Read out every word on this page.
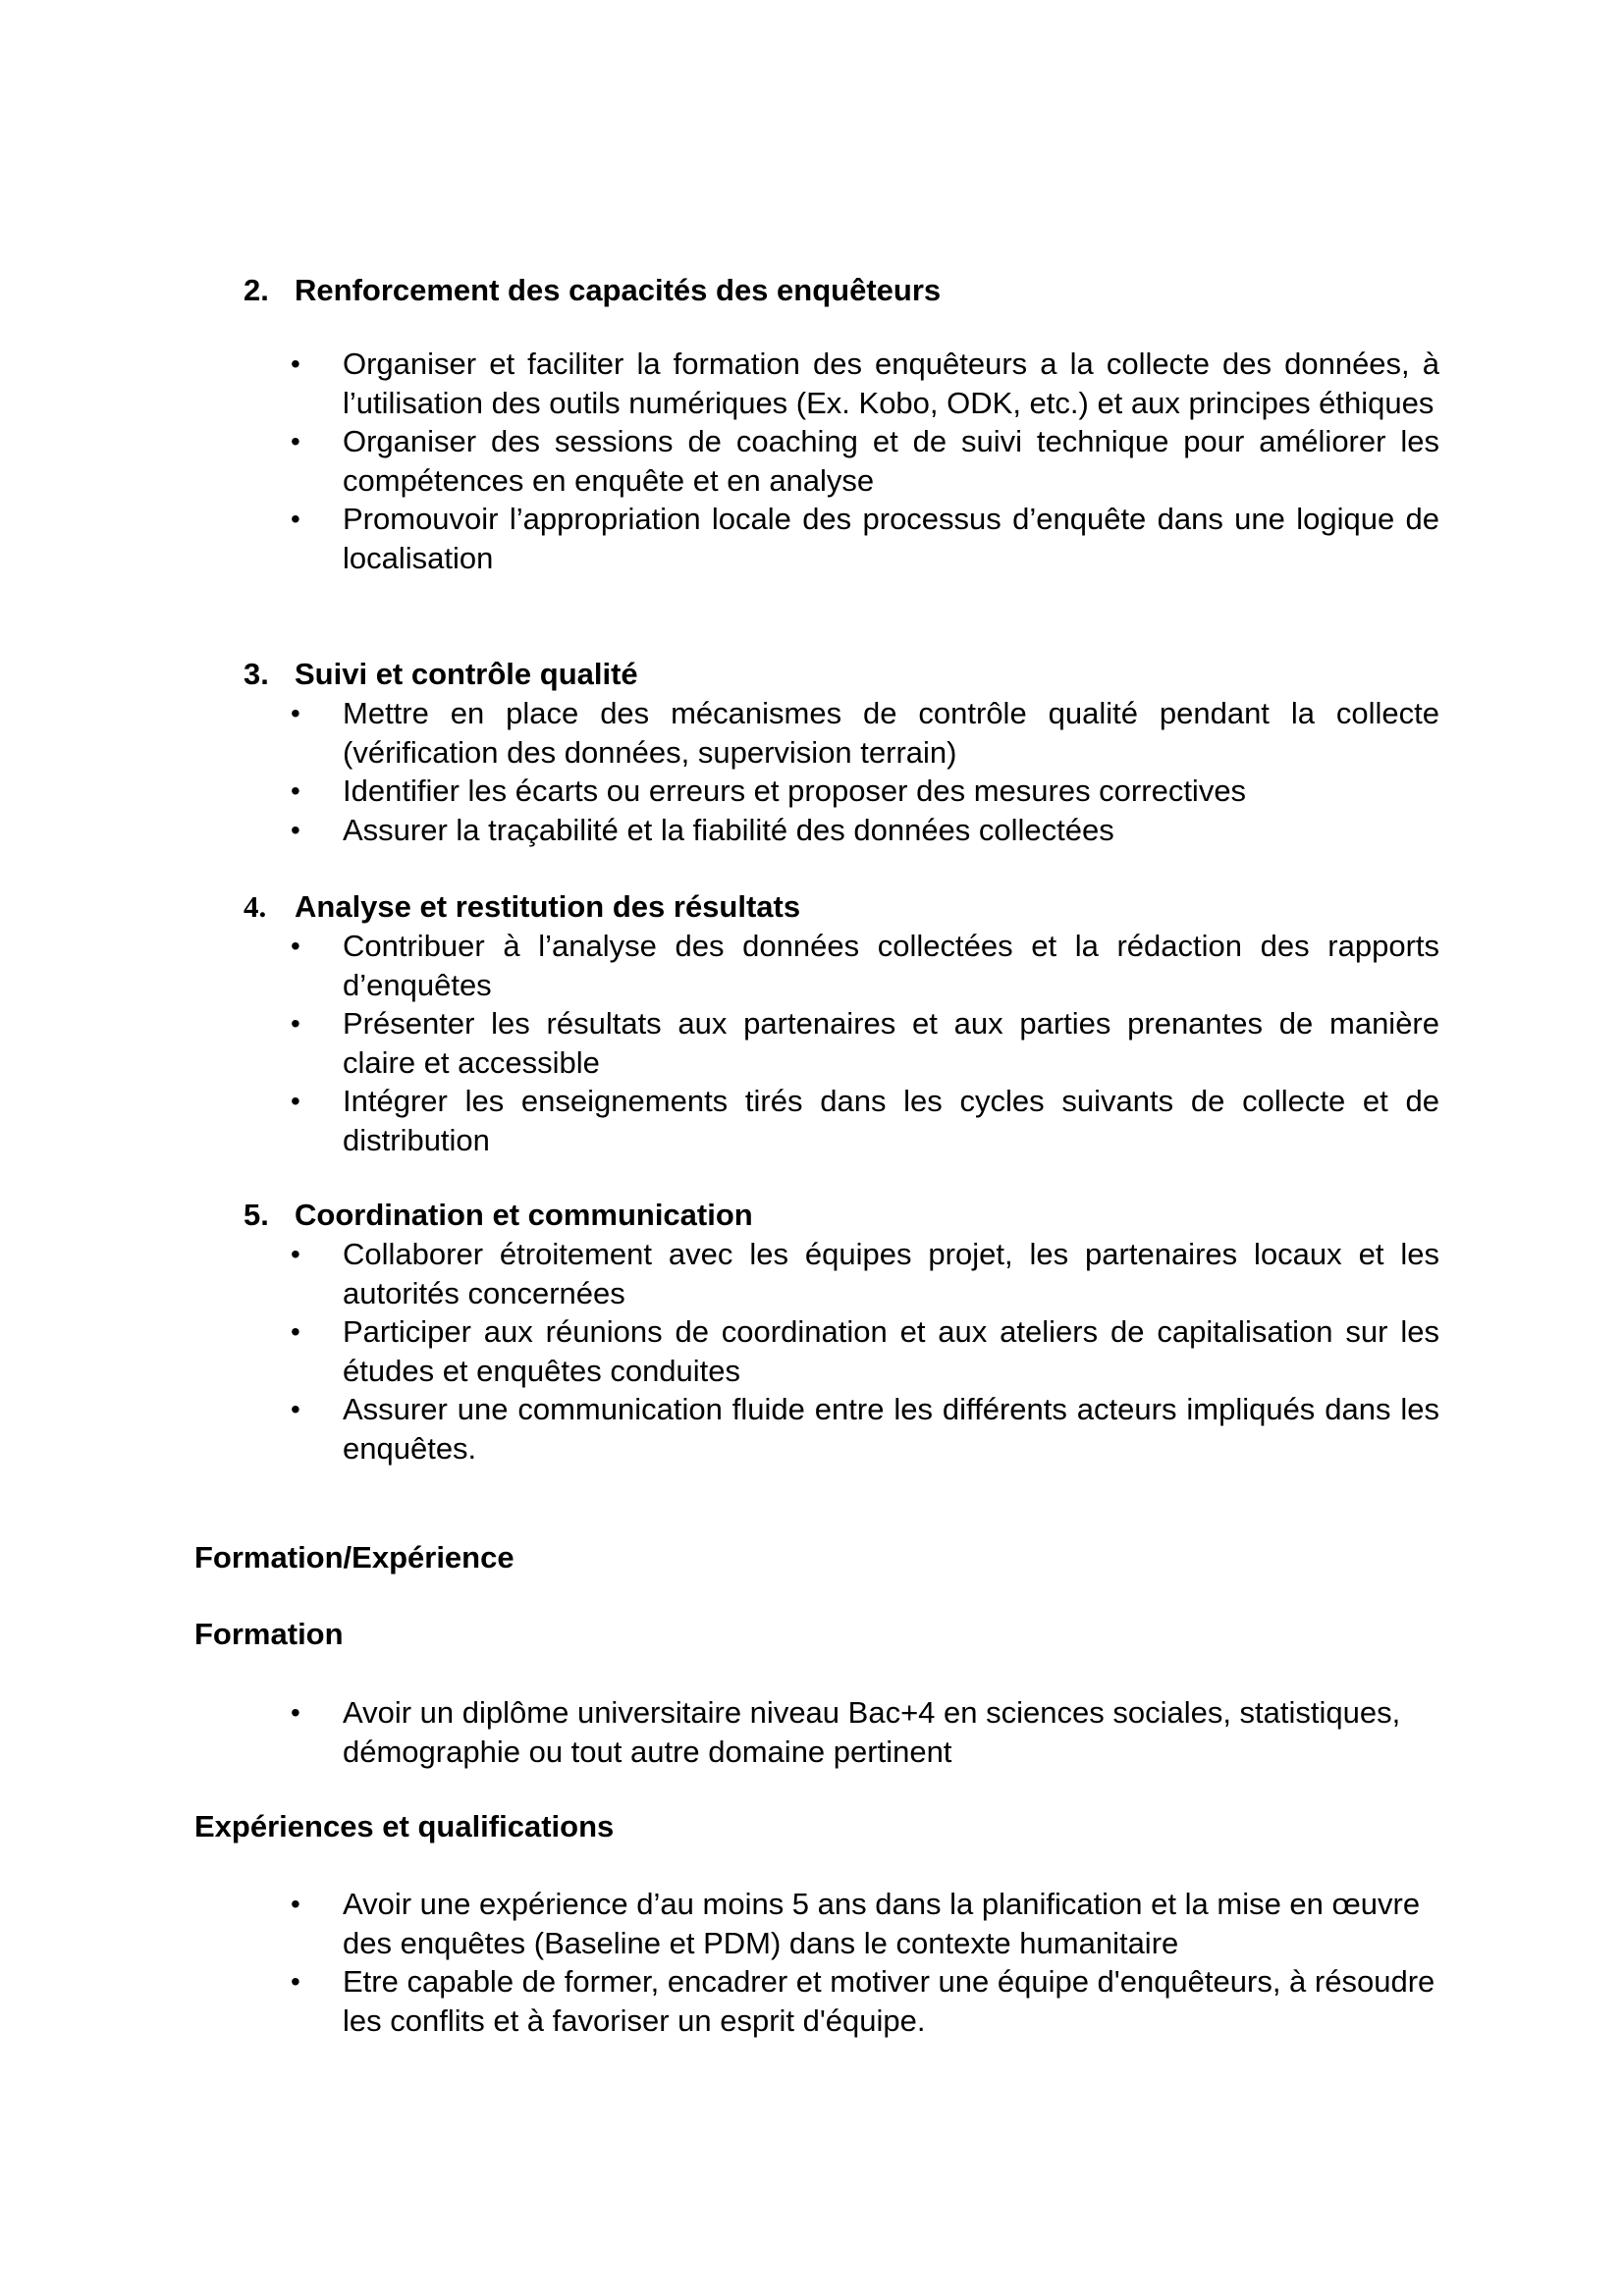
2. Renforcement des capacités des enquêteurs
• Organiser et faciliter la formation des enquêteurs a la collecte des données, à l’utilisation des outils numériques (Ex. Kobo, ODK, etc.) et aux principes éthiques
• Organiser des sessions de coaching et de suivi technique pour améliorer les compétences en enquête et en analyse
• Promouvoir l’appropriation locale des processus d’enquête dans une logique de localisation
3. Suivi et contrôle qualité
• Mettre en place des mécanismes de contrôle qualité pendant la collecte (vérification des données, supervision terrain)
• Identifier les écarts ou erreurs et proposer des mesures correctives
• Assurer la traçabilité et la fiabilité des données collectées
4. Analyse et restitution des résultats
• Contribuer à l’analyse des données collectées et la rédaction des rapports d’enquêtes
• Présenter les résultats aux partenaires et aux parties prenantes de manière claire et accessible
• Intégrer les enseignements tirés dans les cycles suivants de collecte et de distribution
5. Coordination et communication
• Collaborer étroitement avec les équipes projet, les partenaires locaux et les autorités concernées
• Participer aux réunions de coordination et aux ateliers de capitalisation sur les études et enquêtes conduites
• Assurer une communication fluide entre les différents acteurs impliqués dans les enquêtes.
Formation/Expérience
Formation
• Avoir un diplôme universitaire niveau Bac+4 en sciences sociales, statistiques, démographie ou tout autre domaine pertinent
Expériences et qualifications
• Avoir une expérience d’au moins 5 ans dans la planification et la mise en œuvre des enquêtes (Baseline et PDM) dans le contexte humanitaire
• Etre capable de former, encadrer et motiver une équipe d'enquêteurs, à résoudre les conflits et à favoriser un esprit d'équipe.
